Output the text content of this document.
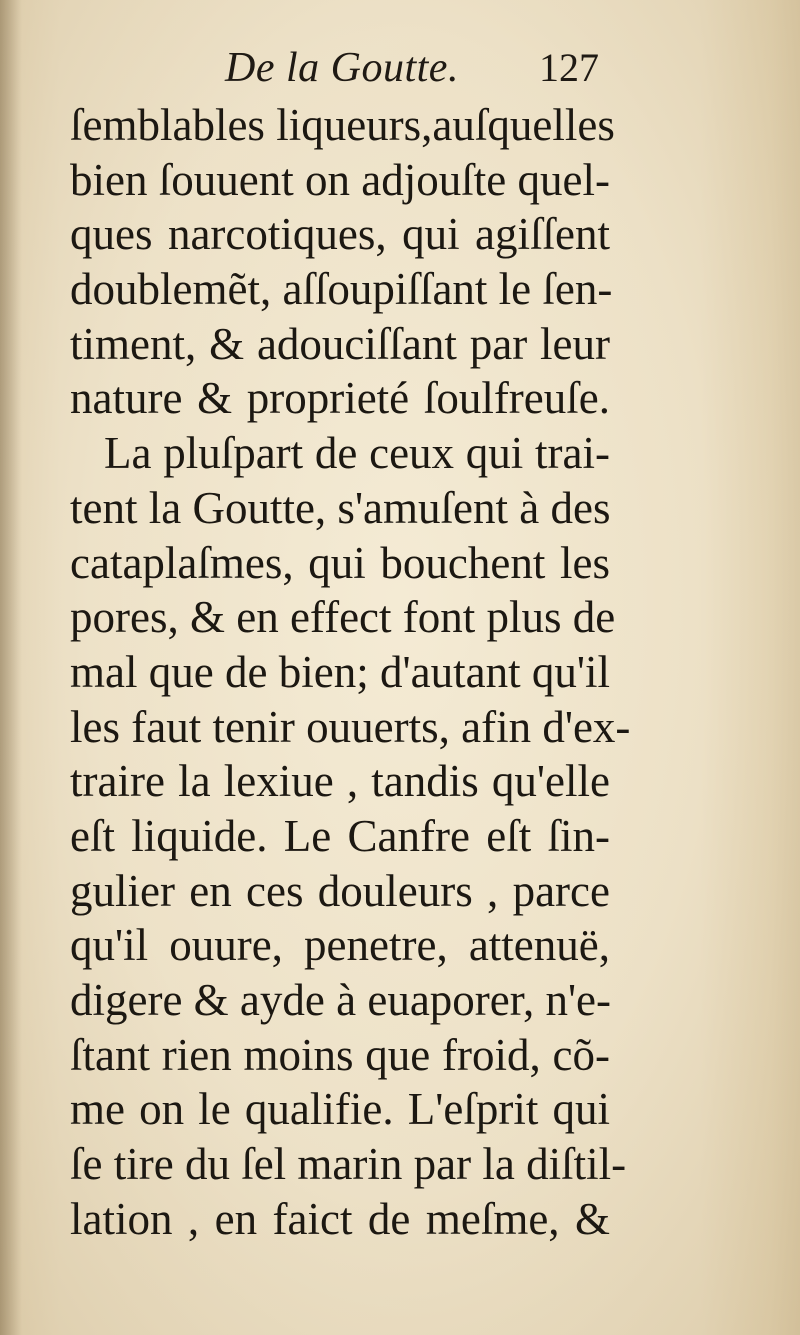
De la Goutte. 127
ſemblables liqueurs,auſquelles
bien ſouuent on adjouſte quel-
ques narcotiques, qui agiſſent
doublemẽt, aſſoupiſſant le ſen-
timent, & adouciſſant par leur
nature & proprieté ſoulfreuſe.
La pluſpart de ceux qui trai-
tent la Goutte, s'amuſent à des
cataplaſmes, qui bouchent les
pores, & en effect font plus de
mal que de bien; d'autant qu'il
les faut tenir ouuerts, afin d'ex-
traire la lexiue , tandis qu'elle
eſt liquide. Le Canfre eſt ſin-
gulier en ces douleurs , parce
qu'il ouure, penetre, attenuë,
digere & ayde à euaporer, n'e-
ſtant rien moins que froid, cõ-
me on le qualifie. L'eſprit qui
ſe tire du ſel marin par la diſtil-
lation , en faict de meſme, &
